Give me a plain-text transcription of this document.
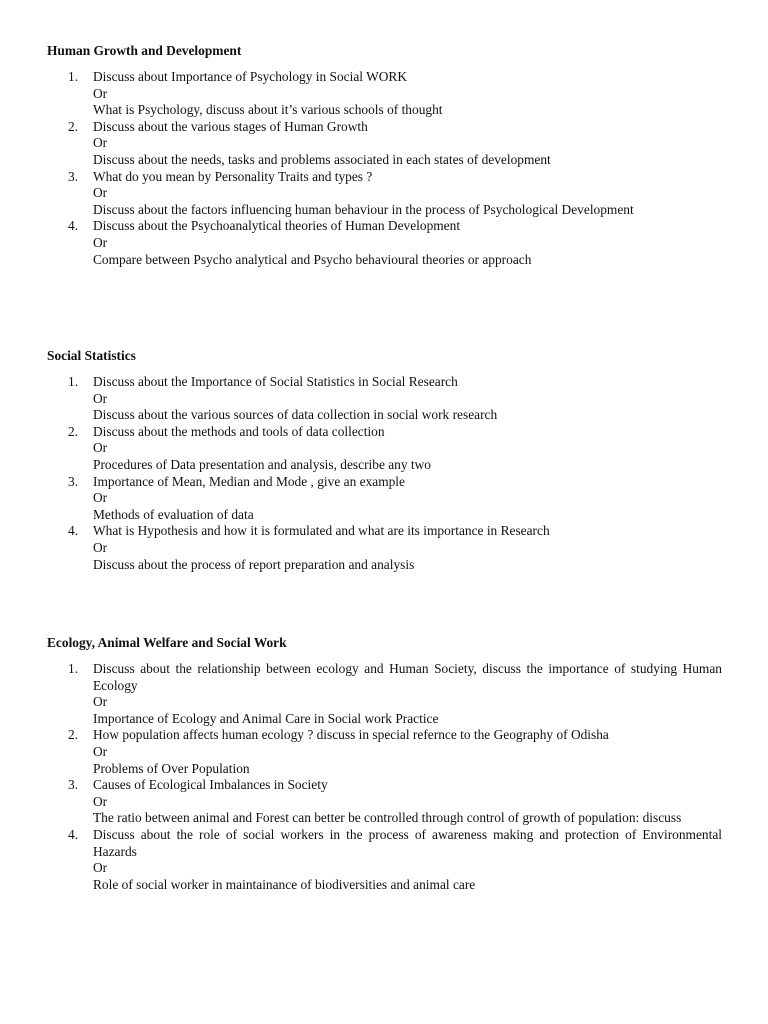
Human Growth and Development
1. Discuss about Importance of Psychology in Social WORK
Or
What is Psychology, discuss about it’s various schools of thought
2. Discuss about the various stages of Human Growth
Or
Discuss about the needs, tasks and problems associated in each states of development
3. What do you mean by Personality Traits and types ?
Or
Discuss about the factors influencing human behaviour in the process of Psychological Development
4. Discuss about the Psychoanalytical theories of Human Development
Or
Compare between Psycho analytical and Psycho behavioural theories or approach
Social Statistics
1. Discuss about the Importance of Social Statistics in Social Research
Or
Discuss about the various sources of data collection in social work research
2. Discuss about the methods and tools of data collection
Or
Procedures of Data presentation and analysis, describe any two
3. Importance of Mean, Median and Mode , give an example
Or
Methods of evaluation of data
4. What is Hypothesis and how it is formulated and what are its importance in Research
Or
Discuss about the process of report preparation and analysis
Ecology, Animal Welfare and Social Work
1. Discuss about the relationship between ecology and Human Society, discuss the importance of studying Human Ecology
Or
Importance of Ecology and Animal Care in Social work Practice
2. How population affects human ecology ? discuss in special refernce to the Geography of Odisha
Or
Problems of Over Population
3. Causes of Ecological Imbalances in Society
Or
The ratio between animal and Forest can better be controlled through control of growth of population: discuss
4. Discuss about the role of social workers in the process of awareness making and protection of Environmental Hazards
Or
Role of social worker in maintainance of biodiversities and animal care
